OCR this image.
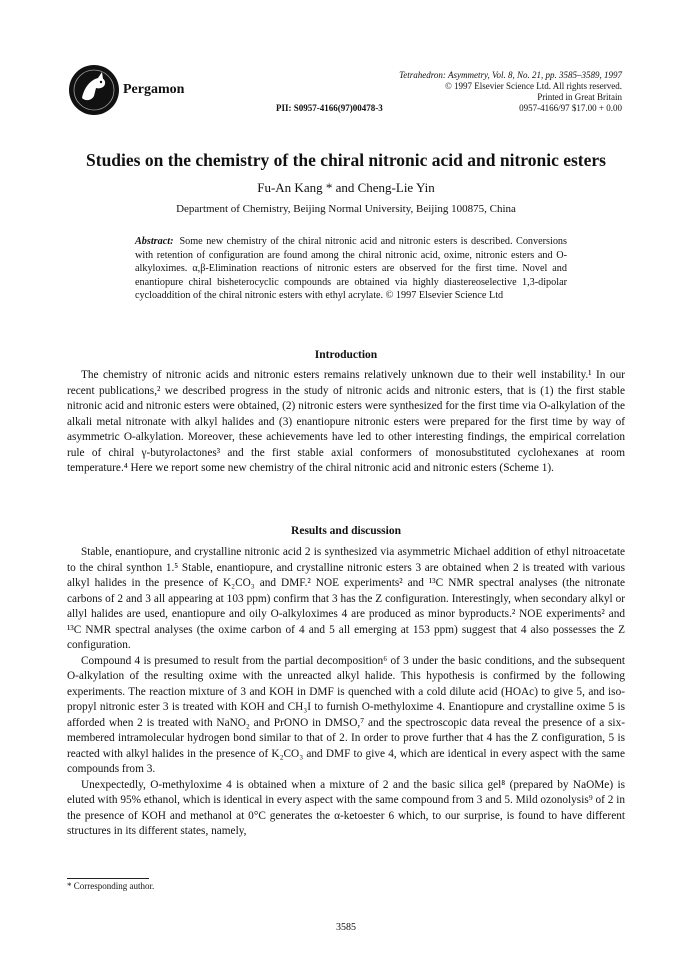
Pergamon
Tetrahedron: Asymmetry, Vol. 8, No. 21, pp. 3585–3589, 1997
© 1997 Elsevier Science Ltd. All rights reserved.
Printed in Great Britain
PII: S0957-4166(97)00478-3	0957-4166/97 $17.00 + 0.00
Studies on the chemistry of the chiral nitronic acid and nitronic esters
Fu-An Kang * and Cheng-Lie Yin
Department of Chemistry, Beijing Normal University, Beijing 100875, China
Abstract: Some new chemistry of the chiral nitronic acid and nitronic esters is described. Conversions with retention of configuration are found among the chiral nitronic acid, oxime, nitronic esters and O-alkyloximes. α,β-Elimination reactions of nitronic esters are observed for the first time. Novel and enantiopure chiral bisheterocyclic compounds are obtained via highly diastereoselective 1,3-dipolar cycloaddition of the chiral nitronic esters with ethyl acrylate. © 1997 Elsevier Science Ltd
Introduction

The chemistry of nitronic acids and nitronic esters remains relatively unknown due to their well instability.¹ In our recent publications,² we described progress in the study of nitronic acids and nitronic esters, that is (1) the first stable nitronic acid and nitronic esters were obtained, (2) nitronic esters were synthesized for the first time via O-alkylation of the alkali metal nitronate with alkyl halides and (3) enantiopure nitronic esters were prepared for the first time by way of asymmetric O-alkylation. Moreover, these achievements have led to other interesting findings, the empirical correlation rule of chiral γ-butyrolactones³ and the first stable axial conformers of monosubstituted cyclohexanes at room temperature.⁴ Here we report some new chemistry of the chiral nitronic acid and nitronic esters (Scheme 1).

Results and discussion

Stable, enantiopure, and crystalline nitronic acid 2 is synthesized via asymmetric Michael addition of ethyl nitroacetate to the chiral synthon 1.⁵ Stable, enantiopure, and crystalline nitronic esters 3 are obtained when 2 is treated with various alkyl halides in the presence of K₂CO₃ and DMF.² NOE experiments² and ¹³C NMR spectral analyses (the nitronate carbons of 2 and 3 all appearing at 103 ppm) confirm that 3 has the Z configuration. Interestingly, when secondary alkyl or allyl halides are used, enantiopure and oily O-alkyloximes 4 are produced as minor byproducts.² NOE experiments² and ¹³C NMR spectral analyses (the oxime carbon of 4 and 5 all emerging at 153 ppm) suggest that 4 also possesses the Z configuration.

Compound 4 is presumed to result from the partial decomposition⁶ of 3 under the basic conditions, and the subsequent O-alkylation of the resulting oxime with the unreacted alkyl halide. This hypothesis is confirmed by the following experiments. The reaction mixture of 3 and KOH in DMF is quenched with a cold dilute acid (HOAc) to give 5, and iso-propyl nitronic ester 3 is treated with KOH and CH₃I to furnish O-methyloxime 4. Enantiopure and crystalline oxime 5 is afforded when 2 is treated with NaNO₂ and PrONO in DMSO,⁷ and the spectroscopic data reveal the presence of a six-membered intramolecular hydrogen bond similar to that of 2. In order to prove further that 4 has the Z configuration, 5 is reacted with alkyl halides in the presence of K₂CO₃ and DMF to give 4, which are identical in every aspect with the same compounds from 3.

Unexpectedly, O-methyloxime 4 is obtained when a mixture of 2 and the basic silica gel⁸ (prepared by NaOMe) is eluted with 95% ethanol, which is identical in every aspect with the same compound from 3 and 5. Mild ozonolysis⁹ of 2 in the presence of KOH and methanol at 0°C generates the α-ketoester 6 which, to our surprise, is found to have different structures in its different states, namely,

* Corresponding author.
3585
